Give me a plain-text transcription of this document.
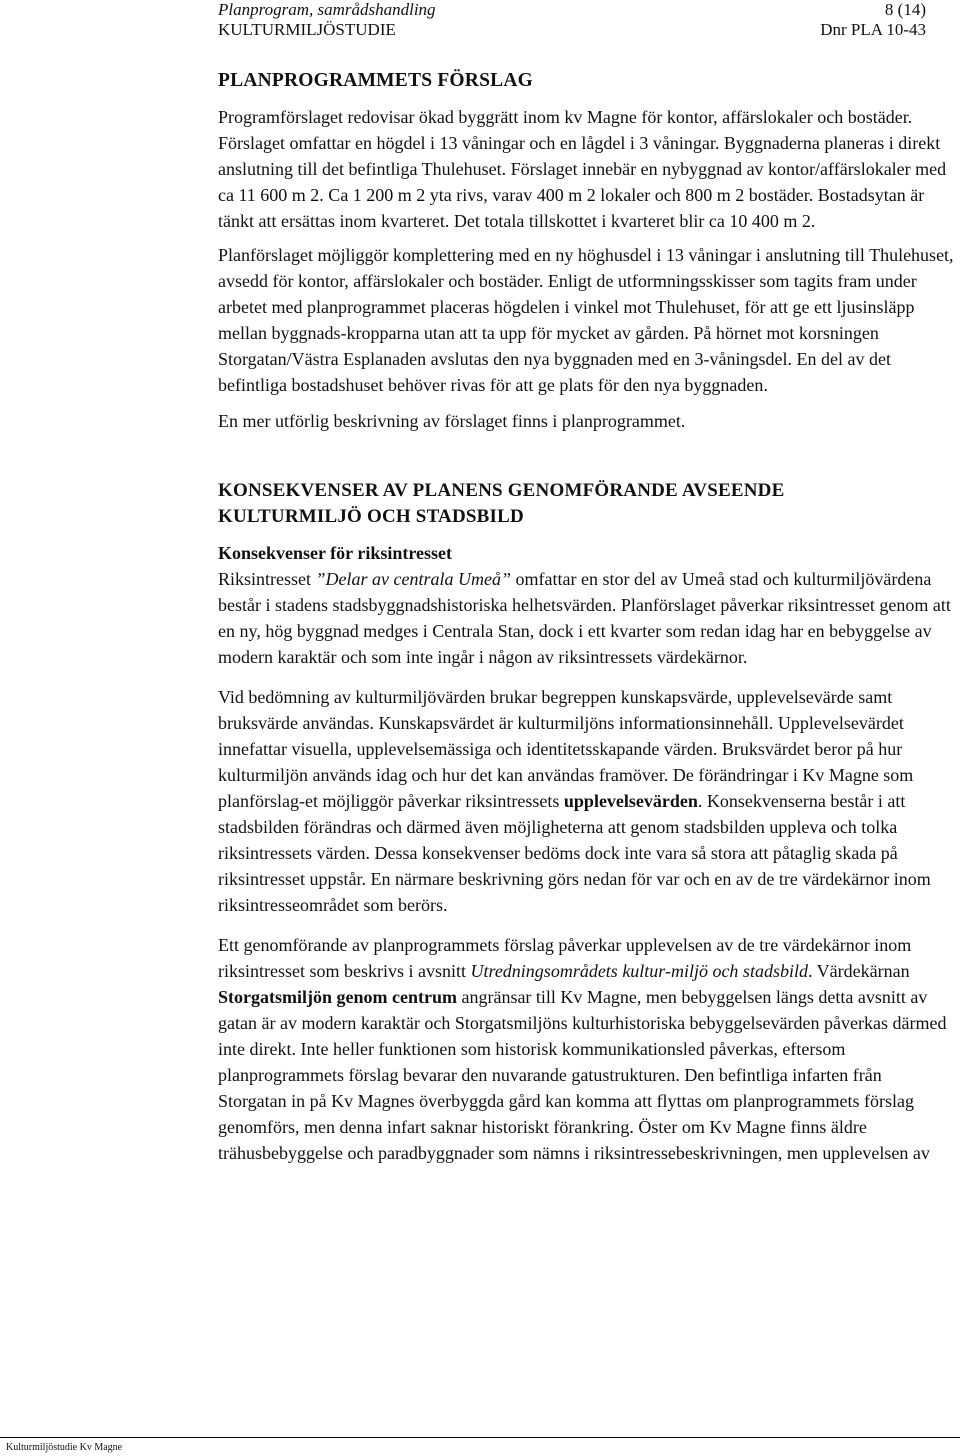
Planprogram, samrådshandling	8 (14)
KULTURMILJÖSTUDIE	Dnr PLA 10-43
PLANPROGRAMMETS FÖRSLAG

Programförslaget redovisar ökad byggrätt inom kv Magne för kontor, affärslokaler och bostäder. Förslaget omfattar en högdel i 13 våningar och en lågdel i 3 våningar. Byggnaderna planeras i direkt anslutning till det befintliga Thulehuset. Förslaget innebär en nybyggnad av kontor/affärslokaler med ca 11 600 m 2. Ca 1 200 m 2 yta rivs, varav 400 m 2 lokaler och 800 m 2 bostäder. Bostadsytan är tänkt att ersättas inom kvarteret. Det totala tillskottet i kvarteret blir ca 10 400 m 2.

Planförslaget möjliggör komplettering med en ny höghusdel i 13 våningar i anslutning till Thulehuset, avsedd för kontor, affärslokaler och bostäder. Enligt de utformningsskisser som tagits fram under arbetet med planprogrammet placeras högdelen i vinkel mot Thulehuset, för att ge ett ljusinsläpp mellan byggnads-kropparna utan att ta upp för mycket av gården. På hörnet mot korsningen Storgatan/Västra Esplanaden avslutas den nya byggnaden med en 3-våningsdel. En del av det befintliga bostadshuset behöver rivas för att ge plats för den nya byggnaden.

En mer utförlig beskrivning av förslaget finns i planprogrammet.

KONSEKVENSER AV PLANENS GENOMFÖRANDE AVSEENDE
KULTURMILJÖ OCH STADSBILD
Konsekvenser för riksintresset

Riksintresset ”Delar av centrala Umeå” omfattar en stor del av Umeå stad och kulturmiljövärdena består i stadens stadsbyggnadshistoriska helhetsvärden. Planförslaget påverkar riksintresset genom att en ny, hög byggnad medges i Centrala Stan, dock i ett kvarter som redan idag har en bebyggelse av modern karaktär och som inte ingår i någon av riksintressets värdekärnor.

Vid bedömning av kulturmiljövärden brukar begreppen kunskapsvärde, upplevelsevärde samt bruksvärde användas. Kunskapsvärdet är kulturmiljöns informationsinnehåll. Upplevelsevärdet innefattar visuella, upplevelsemässiga och identitetsskapande värden. Bruksvärdet beror på hur kulturmiljön används idag och hur det kan användas framöver. De förändringar i Kv Magne som planförslag-et möjliggör påverkar riksintressets upplevelsevärden. Konsekvenserna består i att stadsbilden förändras och därmed även möjligheterna att genom stadsbilden uppleva och tolka riksintressets värden. Dessa konsekvenser bedöms dock inte vara så stora att påtaglig skada på riksintresset uppstår. En närmare beskrivning görs nedan för var och en av de tre värdekärnor inom riksintresseområdet som berörs.

Ett genomförande av planprogrammets förslag påverkar upplevelsen av de tre värdekärnor inom riksintresset som beskrivs i avsnitt Utredningsområdets kultur-miljö och stadsbild. Värdekärnan Storgatsmiljön genom centrum angränsar till Kv Magne, men bebyggelsen längs detta avsnitt av gatan är av modern karaktär och Storgatsmiljöns kulturhistoriska bebyggelsevärden påverkas därmed inte direkt. Inte heller funktionen som historisk kommunikationsled påverkas, eftersom planprogrammets förslag bevarar den nuvarande gatustrukturen. Den befintliga infarten från Storgatan in på Kv Magnes överbyggda gård kan komma att flyttas om planprogrammets förslag genomförs, men denna infart saknar historiskt förankring. Öster om Kv Magne finns äldre trähusbebyggelse och paradbyggnader som nämns i riksintressebeskrivningen, men upplevelsen av

Kulturmiljöstudie Kv Magne
